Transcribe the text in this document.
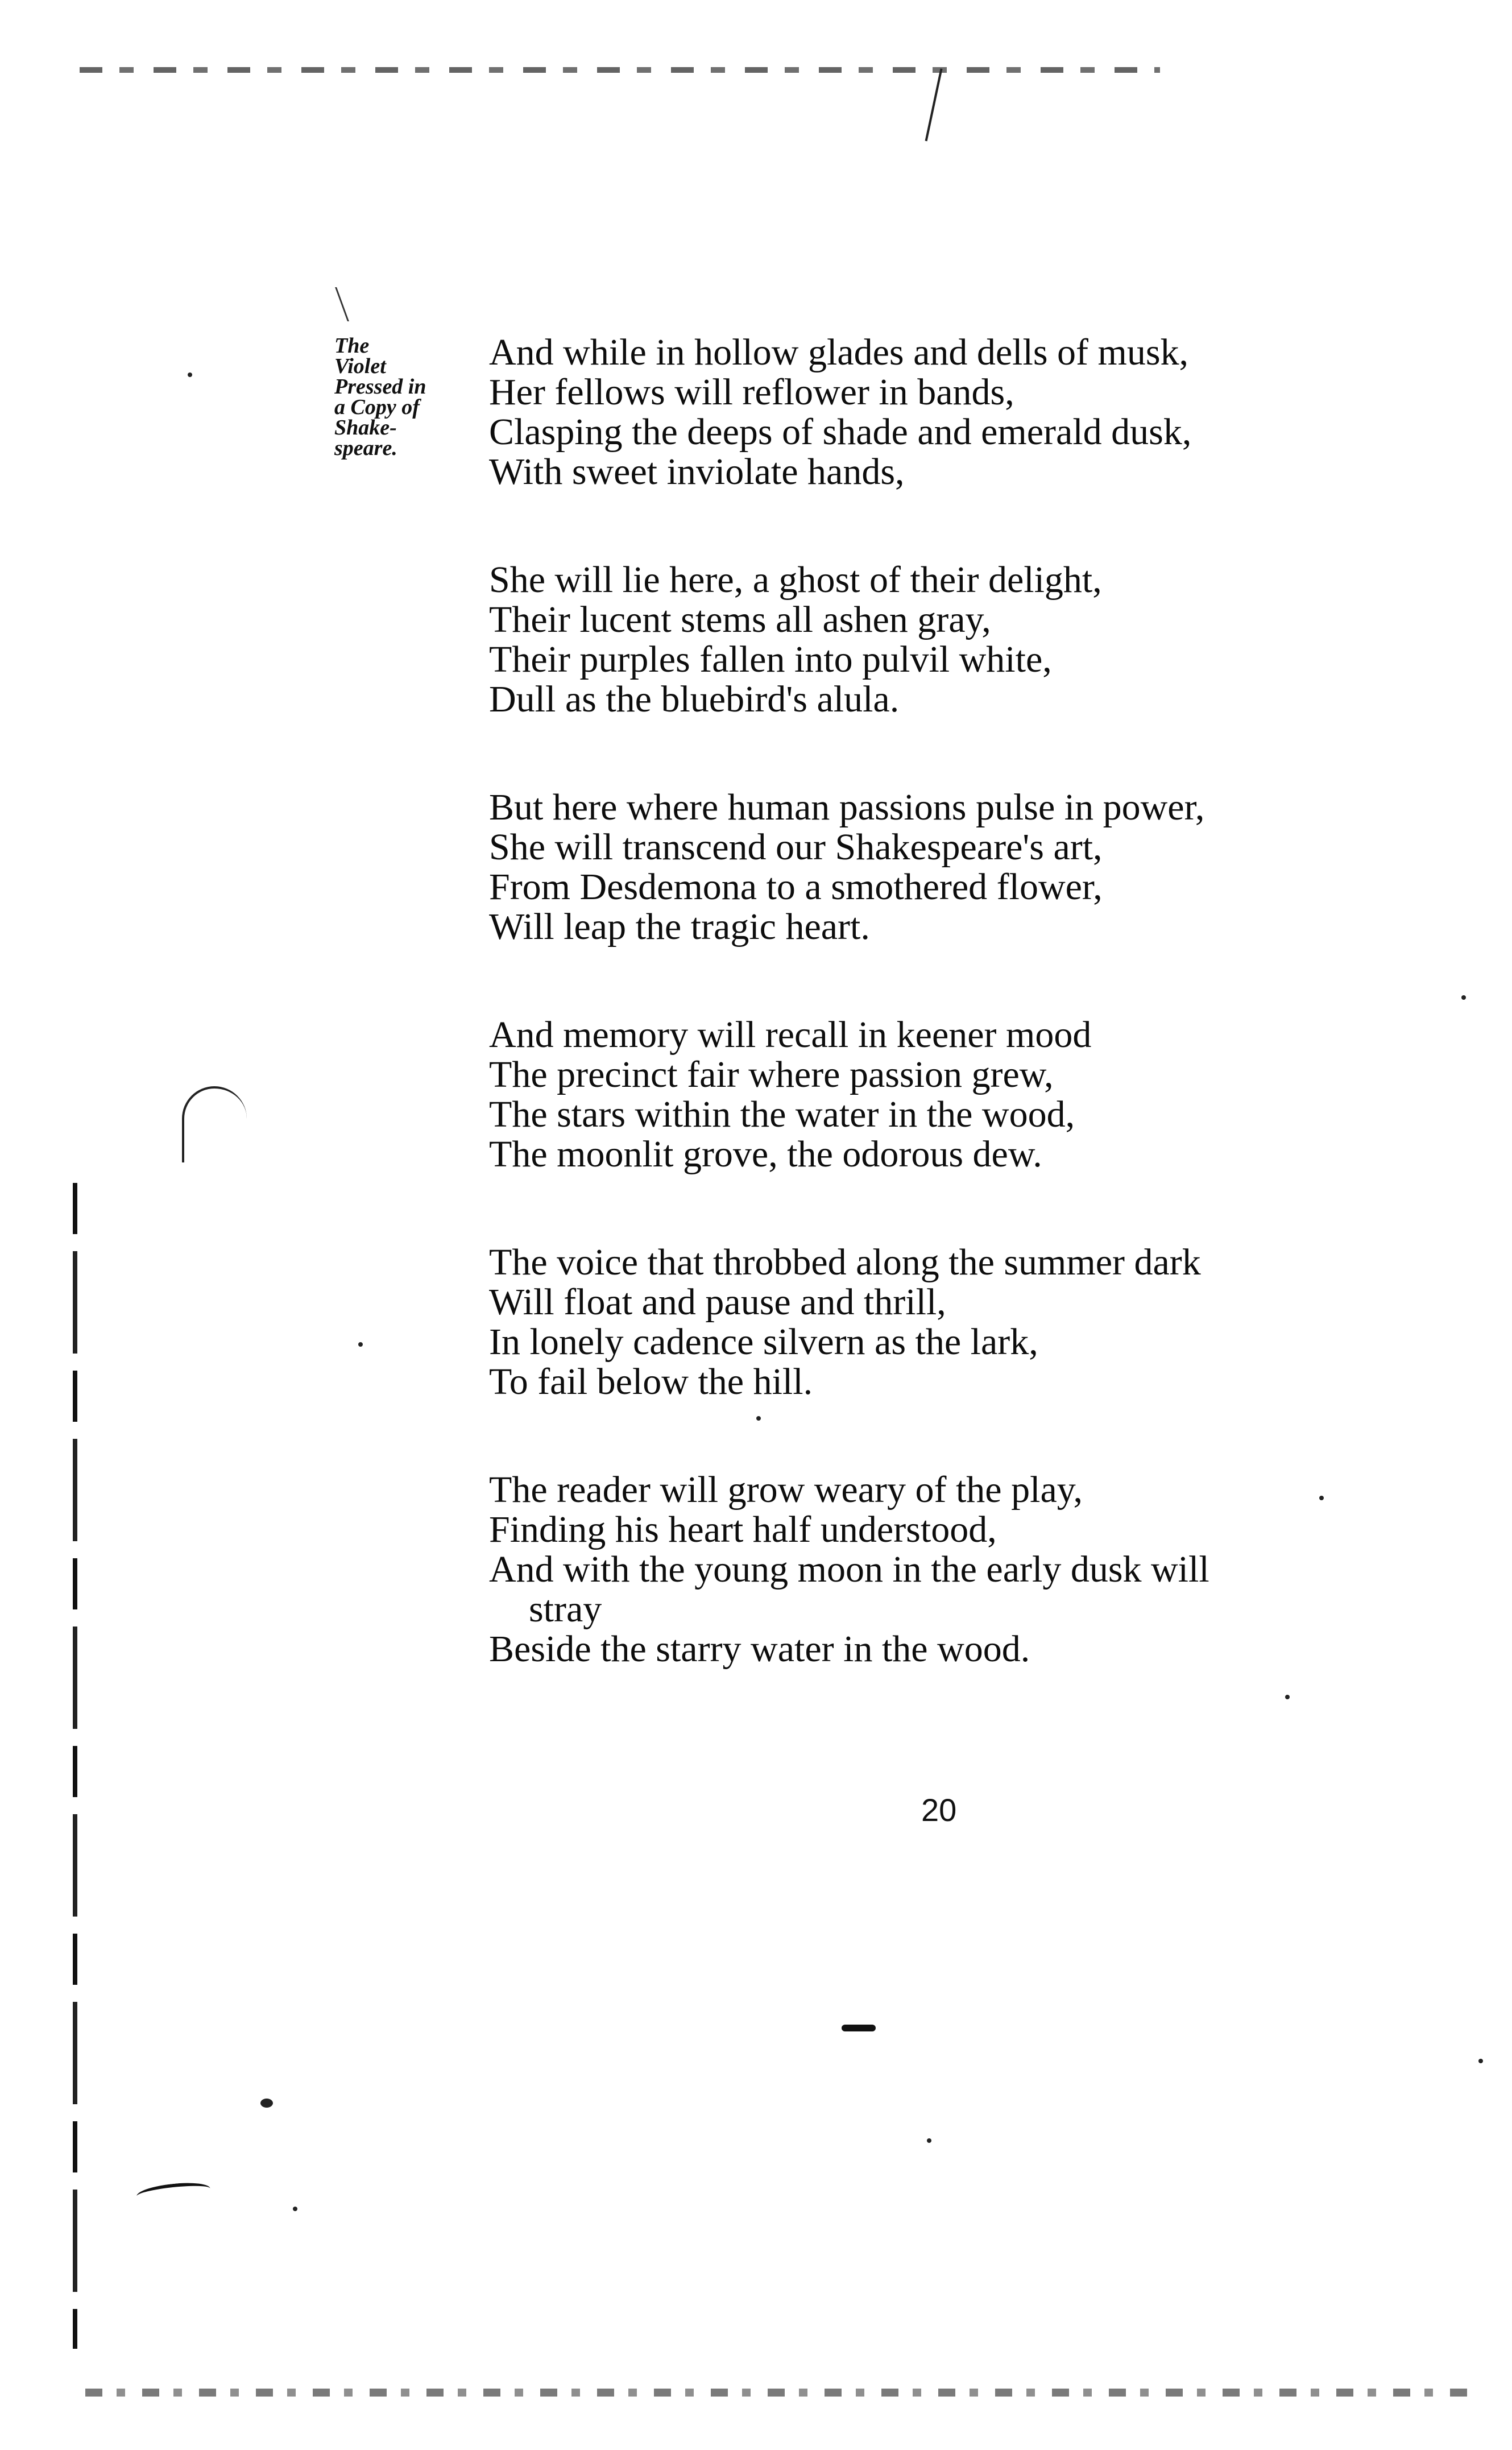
The
Violet
Pressed in
a Copy of
Shake-
speare.
And while in hollow glades and dells of musk,
Her fellows will reflower in bands,
Clasping the deeps of shade and emerald dusk,
With sweet inviolate hands,
She will lie here, a ghost of their delight,
Their lucent stems all ashen gray,
Their purples fallen into pulvil white,
Dull as the bluebird's alula.
But here where human passions pulse in power,
She will transcend our Shakespeare's art,
From Desdemona to a smothered flower,
Will leap the tragic heart.
And memory will recall in keener mood
The precinct fair where passion grew,
The stars within the water in the wood,
The moonlit grove, the odorous dew.
The voice that throbbed along the summer dark
Will float and pause and thrill,
In lonely cadence silvern as the lark,
To fail below the hill.
The reader will grow weary of the play,
Finding his heart half understood,
And with the young moon in the early dusk will
stray
Beside the starry water in the wood.
20
